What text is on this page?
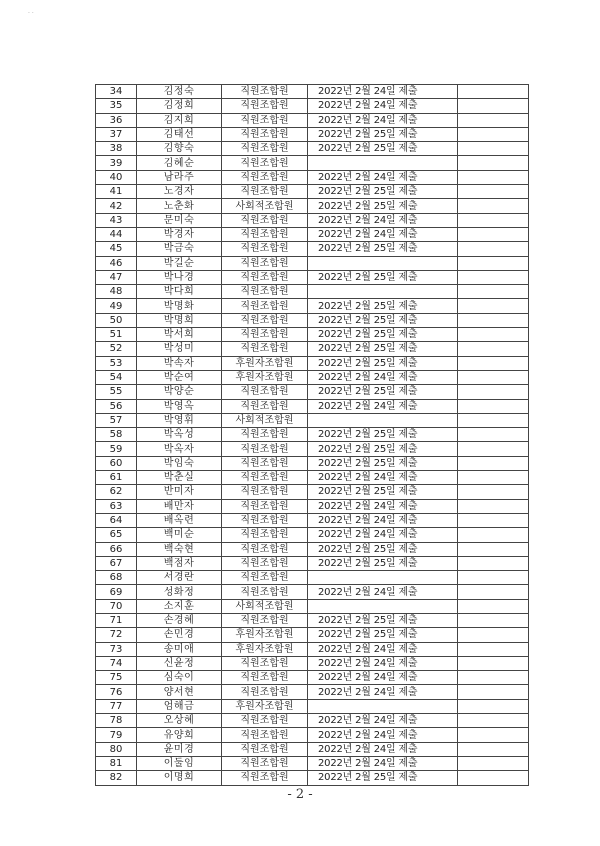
· ·
34	김정숙	직원조합원	2022년 2월 24일 제출	
35	김정희	직원조합원	2022년 2월 24일 제출	
36	김지희	직원조합원	2022년 2월 24일 제출	
37	김태선	직원조합원	2022년 2월 25일 제출	
38	김향숙	직원조합원	2022년 2월 25일 제출	
39	김혜순	직원조합원		
40	남라주	직원조합원	2022년 2월 24일 제출	
41	노경자	직원조합원	2022년 2월 25일 제출	
42	노춘화	사회적조합원	2022년 2월 25일 제출	
43	문미숙	직원조합원	2022년 2월 24일 제출	
44	박경자	직원조합원	2022년 2월 24일 제출	
45	박금숙	직원조합원	2022년 2월 25일 제출	
46	박길순	직원조합원		
47	박나경	직원조합원	2022년 2월 25일 제출	
48	박다희	직원조합원		
49	박명화	직원조합원	2022년 2월 25일 제출	
50	박명희	직원조합원	2022년 2월 25일 제출	
51	박서희	직원조합원	2022년 2월 25일 제출	
52	박성미	직원조합원	2022년 2월 25일 제출	
53	박속자	후원자조합원	2022년 2월 25일 제출	
54	박순여	후원자조합원	2022년 2월 24일 제출	
55	박양순	직원조합원	2022년 2월 25일 제출	
56	박영옥	직원조합원	2022년 2월 24일 제출	
57	박영휘	사회적조합원		
58	박옥성	직원조합원	2022년 2월 25일 제출	
59	박옥자	직원조합원	2022년 2월 25일 제출	
60	박임숙	직원조합원	2022년 2월 25일 제출	
61	박춘실	직원조합원	2022년 2월 24일 제출	
62	반미자	직원조합원	2022년 2월 25일 제출	
63	배만자	직원조합원	2022년 2월 24일 제출	
64	배옥련	직원조합원	2022년 2월 24일 제출	
65	백미순	직원조합원	2022년 2월 24일 제출	
66	백숙현	직원조합원	2022년 2월 25일 제출	
67	백점자	직원조합원	2022년 2월 25일 제출	
68	서경란	직원조합원		
69	성화정	직원조합원	2022년 2월 24일 제출	
70	소지훈	사회적조합원		
71	손경혜	직원조합원	2022년 2월 25일 제출	
72	손민경	후원자조합원	2022년 2월 25일 제출	
73	송미애	후원자조합원	2022년 2월 24일 제출	
74	신윤정	직원조합원	2022년 2월 24일 제출	
75	심숙이	직원조합원	2022년 2월 24일 제출	
76	양서현	직원조합원	2022년 2월 24일 제출	
77	엄해금	후원자조합원		
78	오상혜	직원조합원	2022년 2월 24일 제출	
79	유양희	직원조합원	2022년 2월 24일 제출	
80	윤미경	직원조합원	2022년 2월 24일 제출	
81	이둘임	직원조합원	2022년 2월 24일 제출	
82	이명희	직원조합원	2022년 2월 25일 제출	
- 2 -
